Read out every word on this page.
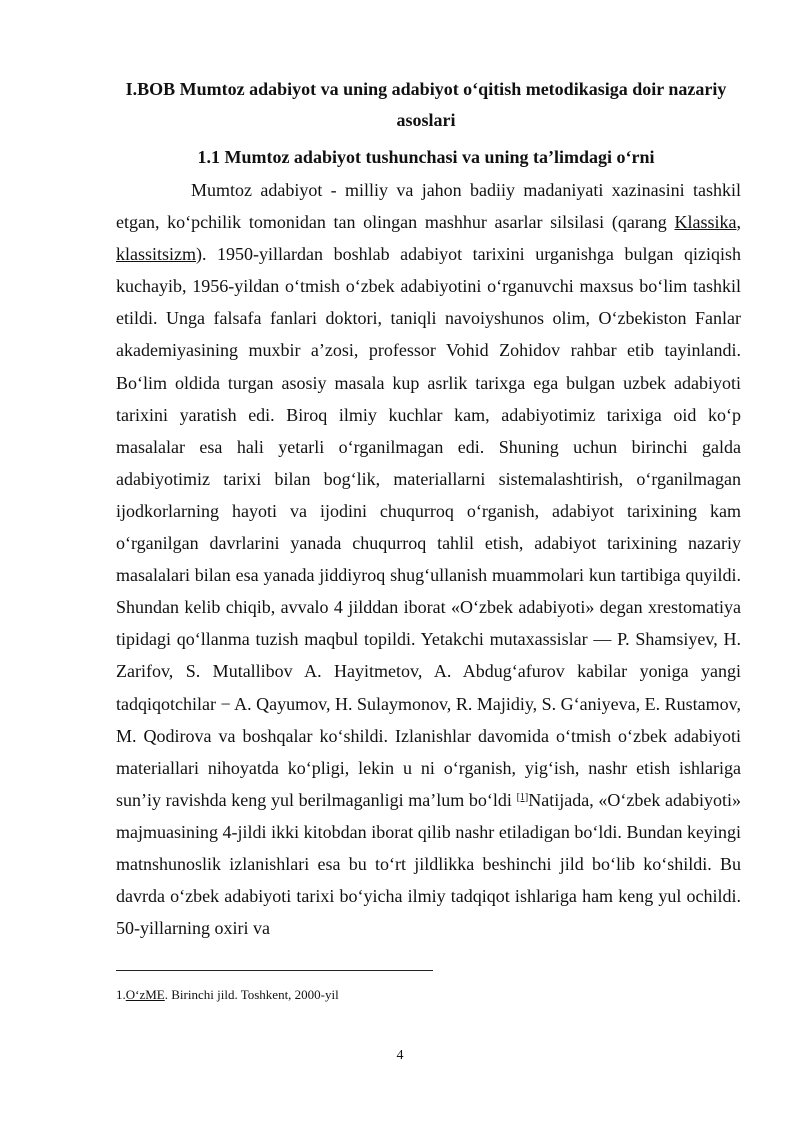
I.BOB Mumtoz adabiyot va uning adabiyot o‘qitish metodikasiga doir nazariy asoslari
1.1 Mumtoz adabiyot tushunchasi va uning ta’limdagi o‘rni
Mumtoz adabiyot - milliy va jahon badiiy madaniyati xazinasini tashkil etgan, ko‘pchilik tomonidan tan olingan mashhur asarlar silsilasi (qarang Klassika, klassitsizm). 1950-yillardan boshlab adabiyot tarixini urganishga bulgan qiziqish kuchayib, 1956-yildan o‘tmish o‘zbek adabiyotini o‘rganuvchi maxsus bo‘lim tashkil etildi. Unga falsafa fanlari doktori, taniqli navoiyshunos olim, O‘zbekiston Fanlar akademiyasining muxbir a’zosi, professor Vohid Zohidov rahbar etib tayinlandi. Bo‘lim oldida turgan asosiy masala kup asrlik tarixga ega bulgan uzbek adabiyoti tarixini yaratish edi. Biroq ilmiy kuchlar kam, adabiyotimiz tarixiga oid ko‘p masalalar esa hali yetarli o‘rganilmagan edi. Shuning uchun birinchi galda adabiyotimiz tarixi bilan bog‘lik, materiallarni sistemalashtirish, o‘rganilmagan ijodkorlarning hayoti va ijodini chuqurroq o‘rganish, adabiyot tarixining kam o‘rganilgan davrlarini yanada chuqurroq tahlil etish, adabiyot tarixining nazariy masalalari bilan esa yanada jiddiyroq shug‘ullanish muammolari kun tartibiga quyildi. Shundan kelib chiqib, avvalo 4 jilddan iborat «O‘zbek adabiyoti» degan xrestomatiya tipidagi qo‘llanma tuzish maqbul topildi. Yetakchi mutaxassislar — P. Shamsiyev, H. Zarifov, S. Mutallibov A. Hayitmetov, A. Abdug‘afurov kabilar yoniga yangi tadqiqotchilar − A. Qayumov, H. Sulaymonov, R. Majidiy, S. G‘aniyeva, E. Rustamov, M. Qodirova va boshqalar ko‘shildi. Izlanishlar davomida o‘tmish o‘zbek adabiyoti materiallari nihoyatda ko‘pligi, lekin u ni o‘rganish, yig‘ish, nashr etish ishlariga sun’iy ravishda keng yul berilmaganligi ma’lum bo‘ldi [1]Natijada, «O‘zbek adabiyoti» majmuasining 4-jildi ikki kitobdan iborat qilib nashr etiladigan bo‘ldi. Bundan keyingi matnshunoslik izlanishlari esa bu to‘rt jildlikka beshinchi jild bo‘lib ko‘shildi. Bu davrda o‘zbek adabiyoti tarixi bo‘yicha ilmiy tadqiqot ishlariga ham keng yul ochildi. 50-yillarning oxiri va
1.O‘zME. Birinchi jild. Toshkent, 2000-yil
4
